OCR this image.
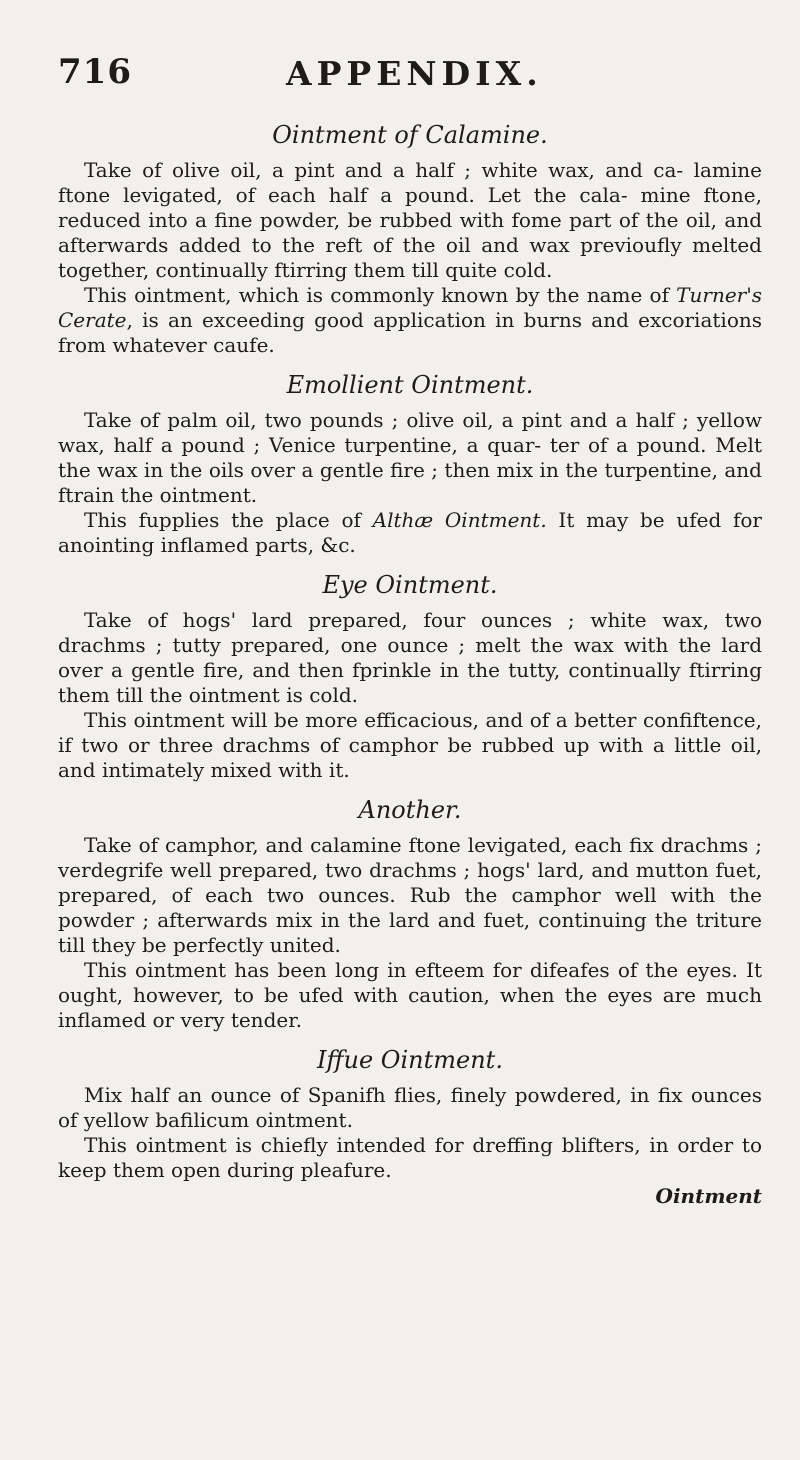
716	APPENDIX.
Ointment of Calamine.

Take of olive oil, a pint and a half ; white wax, and ca- lamine ftone levigated, of each half a pound. Let the cala- mine ftone, reduced into a fine powder, be rubbed with fome part of the oil, and afterwards added to the reft of the oil and wax previoufly melted together, continually ftirring them till quite cold.

This ointment, which is commonly known by the name of Turner's Cerate, is an exceeding good application in burns and excoriations from whatever caufe.

Emollient Ointment.

Take of palm oil, two pounds ; olive oil, a pint and a half ; yellow wax, half a pound ; Venice turpentine, a quar- ter of a pound. Melt the wax in the oils over a gentle fire ; then mix in the turpentine, and ftrain the ointment.

This fupplies the place of Althæ Ointment. It may be ufed for anointing inflamed parts, &c.

Eye Ointment.

Take of hogs' lard prepared, four ounces ; white wax, two drachms ; tutty prepared, one ounce ; melt the wax with the lard over a gentle fire, and then fprinkle in the tutty, continually ftirring them till the ointment is cold.

This ointment will be more efficacious, and of a better confiftence, if two or three drachms of camphor be rubbed up with a little oil, and intimately mixed with it.

Another.

Take of camphor, and calamine ftone levigated, each fix drachms ; verdegrife well prepared, two drachms ; hogs' lard, and mutton fuet, prepared, of each two ounces. Rub the camphor well with the powder ; afterwards mix in the lard and fuet, continuing the triture till they be perfectly united.

This ointment has been long in efteem for difeafes of the eyes. It ought, however, to be ufed with caution, when the eyes are much inflamed or very tender.

Iffue Ointment.

Mix half an ounce of Spanifh flies, finely powdered, in fix ounces of yellow bafilicum ointment.

This ointment is chiefly intended for dreffing blifters, in order to keep them open during pleafure.

Ointment
